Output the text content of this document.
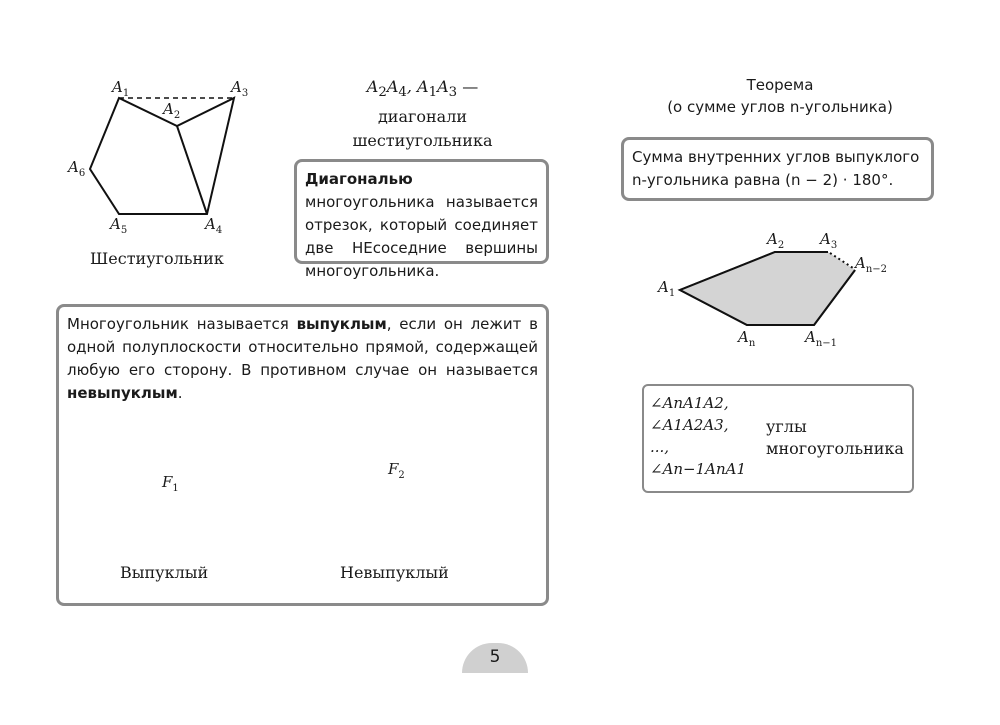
$A_1$
$A_2$
$A_3$
$A_4$
$A_5$
$A_6$
Шестиугольник
$A_2A_4$, $A_1A_3$ —
диагонали
шестиугольника
Диагональю многоугольника называется отрезок, который соединяет две НЕсоседние вершины многоугольника.
Многоугольник называется выпуклым, если он лежит в одной полуплоскости относительно прямой, содержащей любую его сторону. В противном случае он называется невыпуклым.
$F_1$
$F_2$
Выпуклый	Невыпуклый
Теорема
(о сумме углов n-угольника)
Сумма внутренних углов выпуклого n-угольника равна (n − 2) · 180°.
$A_1$
$A_2$ $A_3$
$A_{n-2}$
$A_{n-1}$
$A_n$
∠AnA1A2,
∠A1A2A3,
...,
∠An−1AnA1
углы
многоугольника
5
